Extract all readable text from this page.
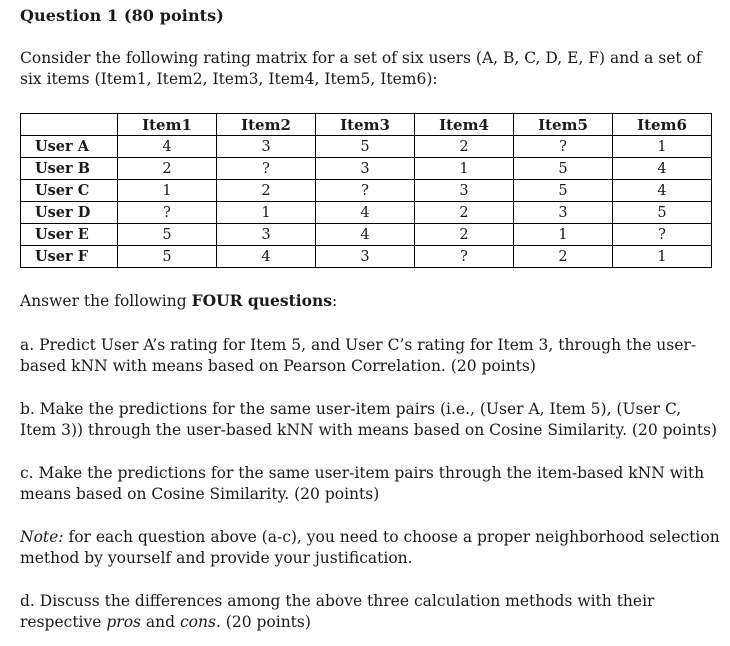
Question 1 (80 points)
Consider the following rating matrix for a set of six users (A, B, C, D, E, F) and a set of six items (Item1, Item2, Item3, Item4, Item5, Item6):
	Item1	Item2	Item3	Item4	Item5	Item6
User A	4	3	5	2	?	1
User B	2	?	3	1	5	4
User C	1	2	?	3	5	4
User D	?	1	4	2	3	5
User E	5	3	4	2	1	?
User F	5	4	3	?	2	1
Answer the following FOUR questions:
a. Predict User A’s rating for Item 5, and User C’s rating for Item 3, through the user-based kNN with means based on Pearson Correlation. (20 points)
b. Make the predictions for the same user-item pairs (i.e., (User A, Item 5), (User C, Item 3)) through the user-based kNN with means based on Cosine Similarity. (20 points)
c. Make the predictions for the same user-item pairs through the item-based kNN with means based on Cosine Similarity. (20 points)
Note: for each question above (a-c), you need to choose a proper neighborhood selection method by yourself and provide your justification.
d. Discuss the differences among the above three calculation methods with their respective pros and cons. (20 points)
